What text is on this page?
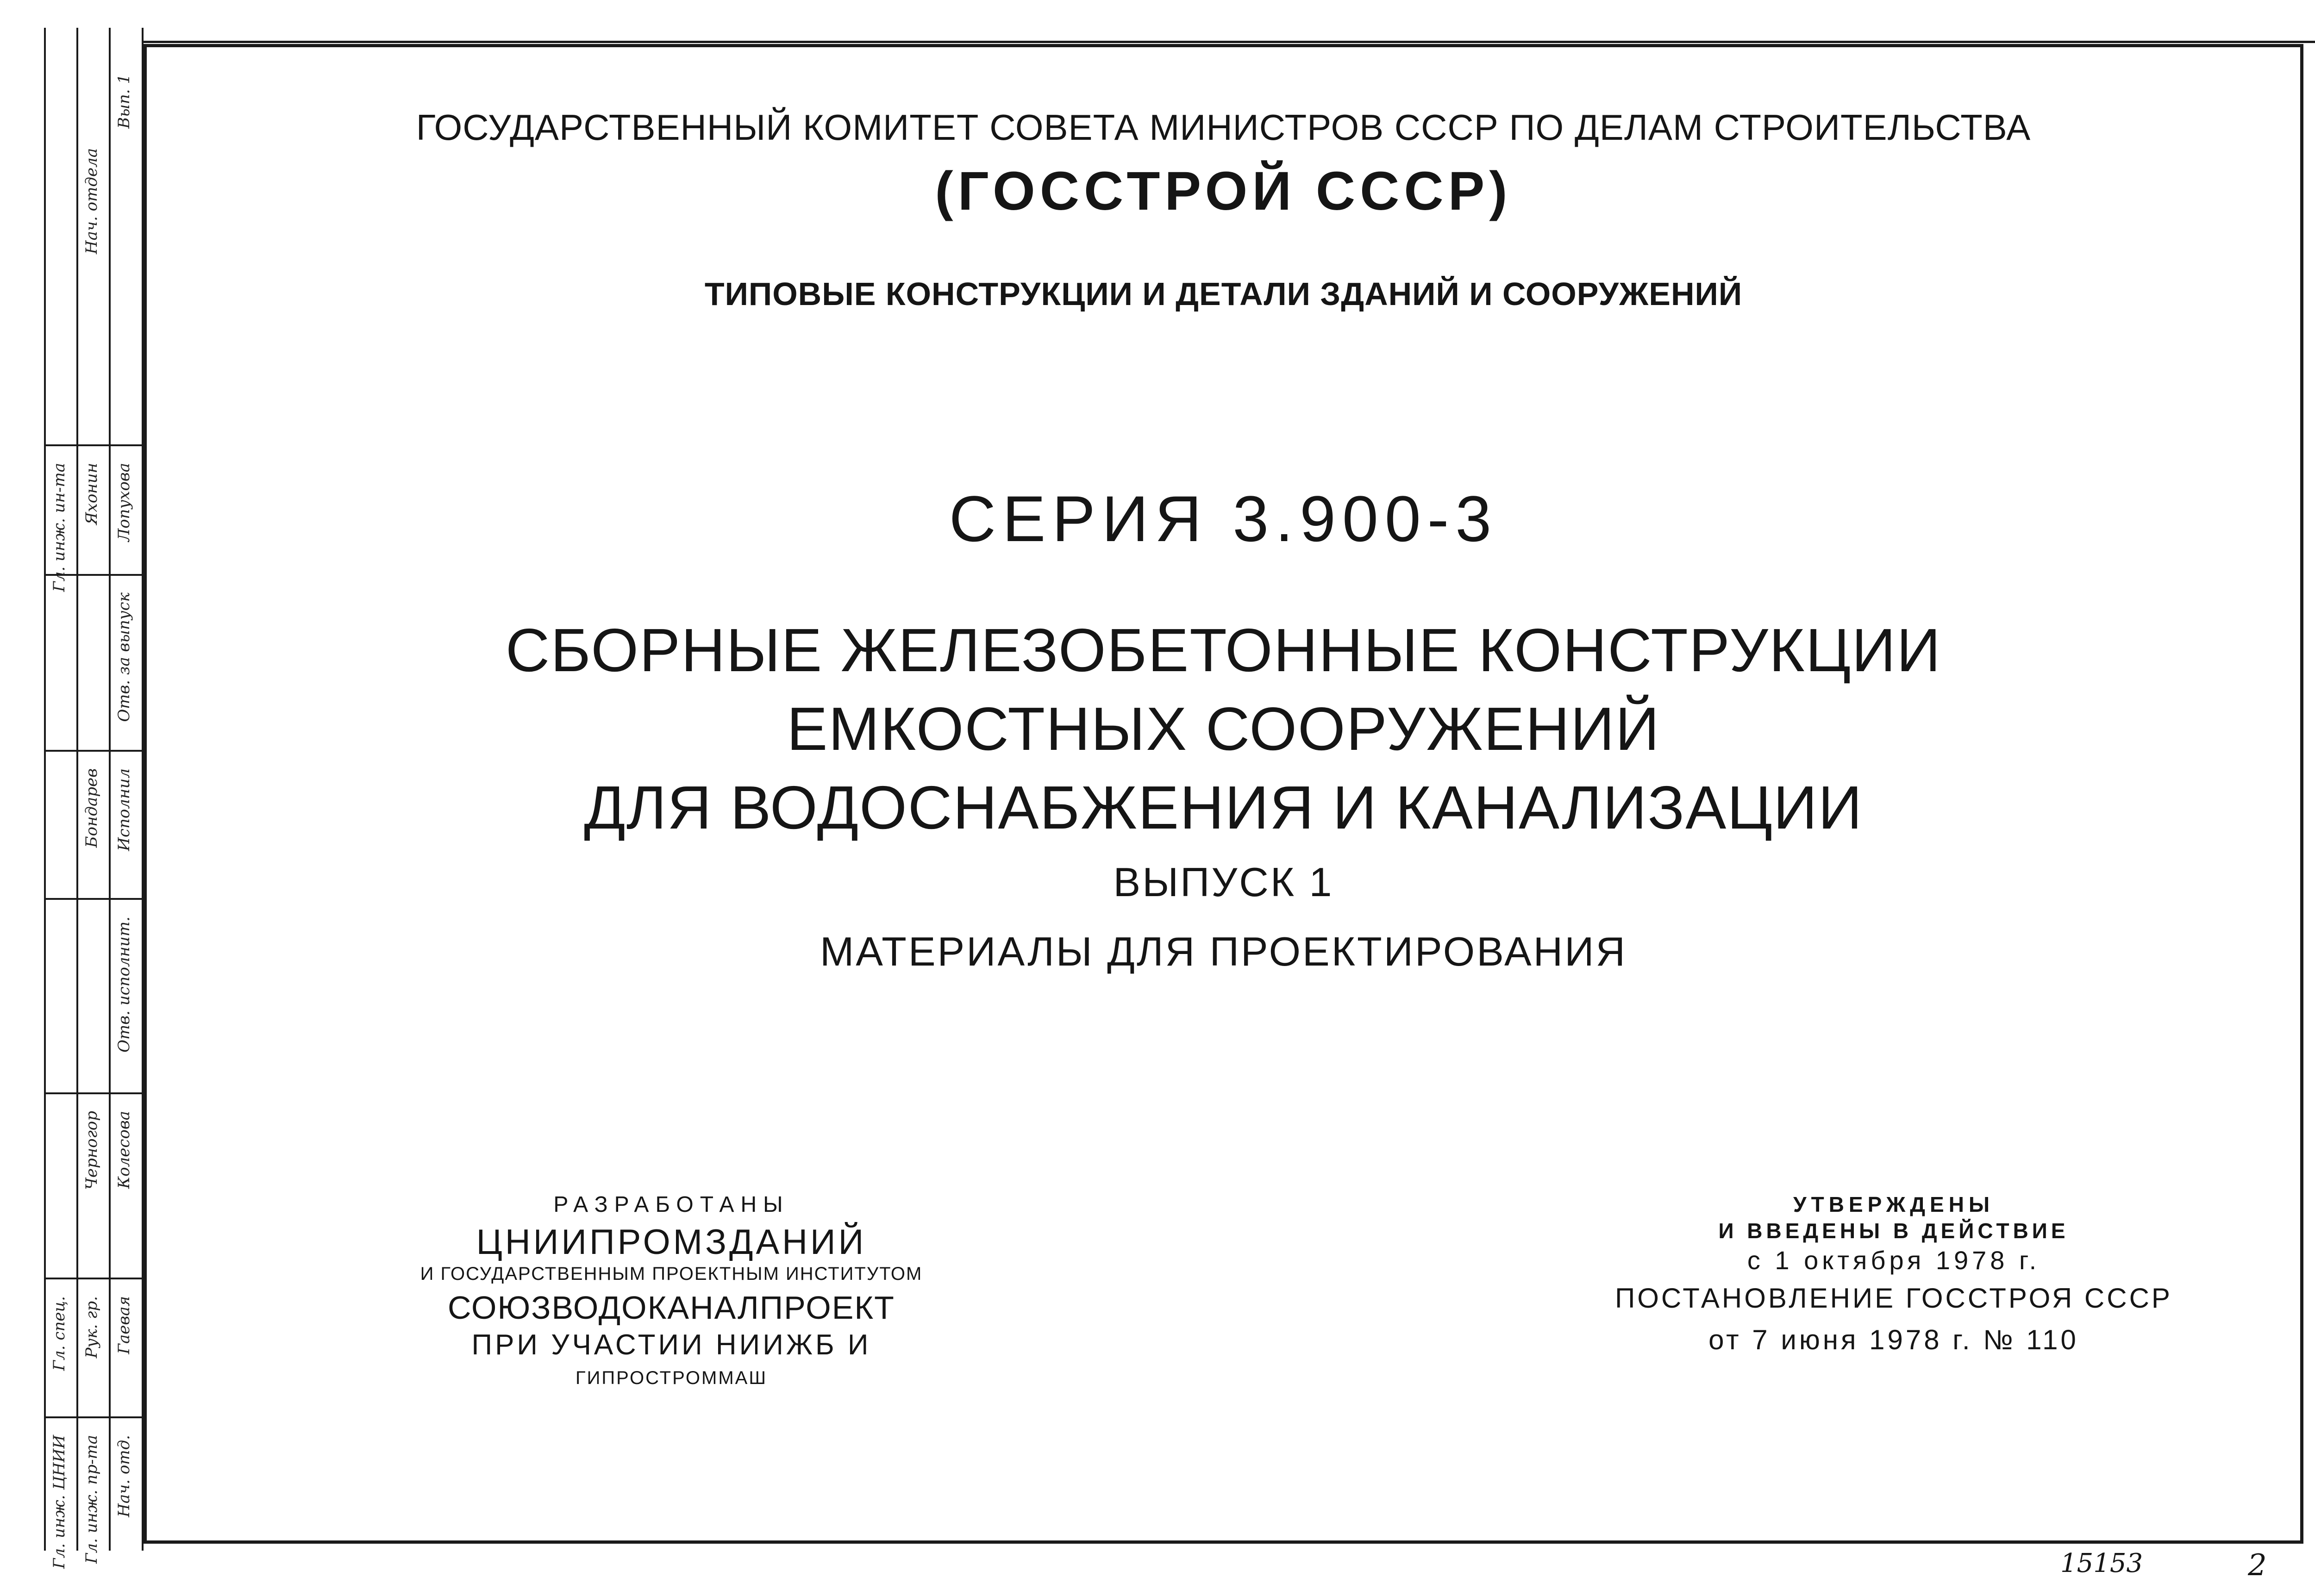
Гл. инж. ЦНИИ Гл. инж. пр-та Нач. отд.
Гл. спец. Рук. гр. Гаевая
Черногор Колесова
Отв. исполнит.
Бондарев Исполнил
Отв. за выпуск
Яхонин Лопухова
Гл. инж. ин-та
Нач. отдела
Вып. 1	ГОСУДАРСТВЕННЫЙ КОМИТЕТ СОВЕТА МИНИСТРОВ СССР ПО ДЕЛАМ СТРОИТЕЛЬСТВА
(ГОССТРОЙ СССР)
ТИПОВЫЕ КОНСТРУКЦИИ И ДЕТАЛИ ЗДАНИЙ И СООРУЖЕНИЙ
СЕРИЯ 3.900-3
СБОРНЫЕ ЖЕЛЕЗОБЕТОННЫЕ КОНСТРУКЦИИ
ЕМКОСТНЫХ СООРУЖЕНИЙ
ДЛЯ ВОДОСНАБЖЕНИЯ И КАНАЛИЗАЦИИ
ВЫПУСК 1
МАТЕРИАЛЫ ДЛЯ ПРОЕКТИРОВАНИЯ
РАЗРАБОТАНЫ
ЦНИИПРОМЗДАНИЙ
И ГОСУДАРСТВЕННЫМ ПРОЕКТНЫМ ИНСТИТУТОМ
СОЮЗВОДОКАНАЛПРОЕКТ
ПРИ УЧАСТИИ НИИЖБ И
ГИПРОСТРОММАШ
УТВЕРЖДЕНЫ
И ВВЕДЕНЫ В ДЕЙСТВИЕ
с 1 октября 1978 г.
ПОСТАНОВЛЕНИЕ ГОССТРОЯ СССР
от 7 июня 1978 г. № 110
15153	2
